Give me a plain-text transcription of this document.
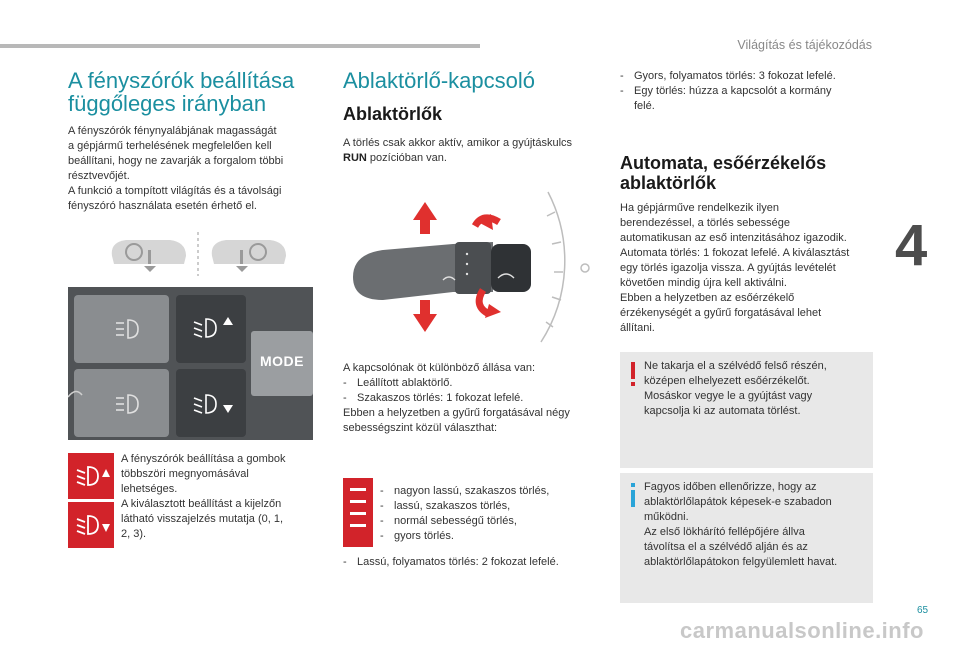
Világítás és tájékozódás
4
A fényszórók beállítása
függőleges irányban

A fényszórók fénynyalábjának magasságát

a gépjármű terhelésének megfelelően kell

beállítani, hogy ne zavarják a forgalom többi

résztvevőjét.

A funkció a tompított világítás és a távolsági

fényszóró használata esetén érhető el.

MODE

A fényszórók beállítása a gombok

többszöri megnyomásával

lehetséges.

A kiválasztott beállítást a kijelzőn

látható visszajelzés mutatja (0, 1,

2, 3).

Ablaktörlő-kapcsoló
Ablaktörlők

A törlés csak akkor aktív, amikor a gyújtáskulcs

RUN pozícióban van.

A kapcsolónak öt különböző állása van:

- Leállított ablaktörlő.
- Szakaszos törlés: 1 fokozat lefelé.

Ebben a helyzetben a gyűrű forgatásával négy

sebességszint közül választhat:

- nagyon lassú, szakaszos törlés,
- lassú, szakaszos törlés,
- normál sebességű törlés,
- gyors törlés.
- Lassú, folyamatos törlés: 2 fokozat lefelé.
- Gyors, folyamatos törlés: 3 fokozat lefelé.
- Egy törlés: húzza a kapcsolót a kormány
felé.
Automata, esőérzékelős
ablaktörlők

Ha gépjárműve rendelkezik ilyen

berendezéssel, a törlés sebessége

automatikusan az eső intenzitásához igazodik.

Automata törlés: 1 fokozat lefelé. A kiválasztást

egy törlés igazolja vissza. A gyújtás levételét

követően mindig újra kell aktiválni.

Ebben a helyzetben az esőérzékelő

érzékenységét a gyűrű forgatásával lehet

állítani.

Ne takarja el a szélvédő felső részén,

középen elhelyezett esőérzékelőt.

Mosáskor vegye le a gyújtást vagy

kapcsolja ki az automata törlést.

Fagyos időben ellenőrizze, hogy az

ablaktörlőlapátok képesek-e szabadon

működni.

Az első lökhárító fellépőjére állva

távolítsa el a szélvédő alján és az

ablaktörlőlapátokon felgyülemlett havat.

65
carmanualsonline.info
